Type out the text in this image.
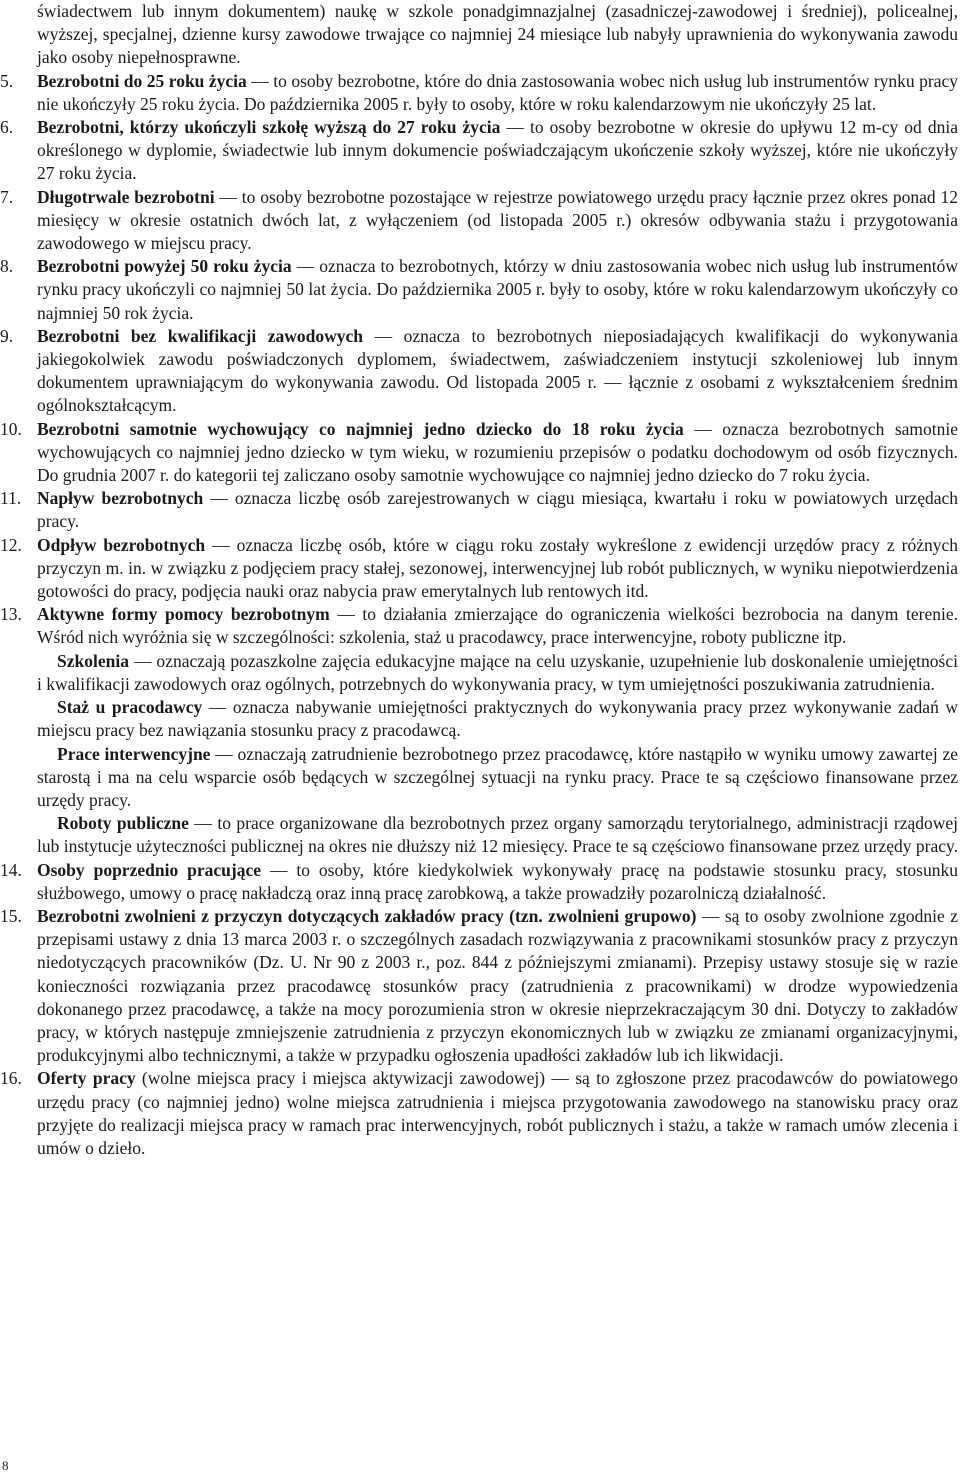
świadectwem lub innym dokumentem) naukę w szkole ponadgimnazjalnej (zasadniczej-zawodowej i średniej), policealnej, wyższej, specjalnej, dzienne kursy zawodowe trwające co najmniej 24 miesiące lub nabyły uprawnienia do wykonywania zawodu jako osoby niepełnosprawne.

5.	Bezrobotni do 25 roku życia — to osoby bezrobotne, które do dnia zastosowania wobec nich usług lub instrumentów rynku pracy nie ukończyły 25 roku życia. Do października 2005 r. były to osoby, które w roku kalendarzowym nie ukończyły 25 lat.

6.	Bezrobotni, którzy ukończyli szkołę wyższą do 27 roku życia — to osoby bezrobotne w okresie do upływu 12 m-cy od dnia określonego w dyplomie, świadectwie lub innym dokumencie poświadczającym ukończenie szkoły wyższej, które nie ukończyły 27 roku życia.

7.	Długotrwale bezrobotni — to osoby bezrobotne pozostające w rejestrze powiatowego urzędu pracy łącznie przez okres ponad 12 miesięcy w okresie ostatnich dwóch lat, z wyłączeniem (od listopada 2005 r.) okresów odbywania stażu i przygotowania zawodowego w miejscu pracy.

8.	Bezrobotni powyżej 50 roku życia — oznacza to bezrobotnych, którzy w dniu zastosowania wobec nich usług lub instrumentów rynku pracy ukończyli co najmniej 50 lat życia. Do października 2005 r. były to osoby, które w roku kalendarzowym ukończyły co najmniej 50 rok życia.

9.	Bezrobotni bez kwalifikacji zawodowych — oznacza to bezrobotnych nieposiadających kwalifikacji do wykonywania jakiegokolwiek zawodu poświadczonych dyplomem, świadectwem, zaświadczeniem instytucji szkoleniowej lub innym dokumentem uprawniającym do wykonywania zawodu. Od listopada 2005 r. — łącznie z osobami z wykształceniem średnim ogólnokształcącym.

10. Bezrobotni samotnie wychowujący co najmniej jedno dziecko do 18 roku życia — oznacza bezrobotnych samotnie wychowujących co najmniej jedno dziecko w tym wieku, w rozumieniu przepisów o podatku dochodowym od osób fizycznych. Do grudnia 2007 r. do kategorii tej zaliczano osoby samotnie wychowujące co najmniej jedno dziecko do 7 roku życia.

11. Napływ bezrobotnych — oznacza liczbę osób zarejestrowanych w ciągu miesiąca, kwartału i roku w powiatowych urzędach pracy.

12. Odpływ bezrobotnych — oznacza liczbę osób, które w ciągu roku zostały wykreślone z ewidencji urzędów pracy z różnych przyczyn m. in. w związku z podjęciem pracy stałej, sezonowej, interwencyjnej lub robót publicznych, w wyniku niepotwierdzenia gotowości do pracy, podjęcia nauki oraz nabycia praw emerytalnych lub rentowych itd.

13. Aktywne formy pomocy bezrobotnym — to działania zmierzające do ograniczenia wielkości bezrobocia na danym terenie. Wśród nich wyróżnia się w szczególności: szkolenia, staż u pracodawcy, prace interwencyjne, roboty publiczne itp.

Szkolenia — oznaczają pozaszkolne zajęcia edukacyjne mające na celu uzyskanie, uzupełnienie lub doskonalenie umiejętności i kwalifikacji zawodowych oraz ogólnych, potrzebnych do wykonywania pracy, w tym umiejętności poszukiwania zatrudnienia.

Staż u pracodawcy — oznacza nabywanie umiejętności praktycznych do wykonywania pracy przez wykonywanie zadań w miejscu pracy bez nawiązania stosunku pracy z pracodawcą.

Prace interwencyjne — oznaczają zatrudnienie bezrobotnego przez pracodawcę, które nastąpiło w wyniku umowy zawartej ze starostą i ma na celu wsparcie osób będących w szczególnej sytuacji na rynku pracy. Prace te są częściowo finansowane przez urzędy pracy.

Roboty publiczne — to prace organizowane dla bezrobotnych przez organy samorządu terytorialnego, administracji rządowej lub instytucje użyteczności publicznej na okres nie dłuższy niż 12 miesięcy. Prace te są częściowo finansowane przez urzędy pracy.

14. Osoby poprzednio pracujące — to osoby, które kiedykolwiek wykonywały pracę na podstawie stosunku pracy, stosunku służbowego, umowy o pracę nakładczą oraz inną pracę zarobkową, a także prowadziły pozarolniczą działalność.

15. Bezrobotni zwolnieni z przyczyn dotyczących zakładów pracy (tzn. zwolnieni grupowo) — są to osoby zwolnione zgodnie z przepisami ustawy z dnia 13 marca 2003 r. o szczególnych zasadach rozwiązywania z pracownikami stosunków pracy z przyczyn niedotyczących pracowników (Dz. U. Nr 90 z 2003 r., poz. 844 z późniejszymi zmianami). Przepisy ustawy stosuje się w razie konieczności rozwiązania przez pracodawcę stosunków pracy (zatrudnienia z pracownikami) w drodze wypowiedzenia dokonanego przez pracodawcę, a także na mocy porozumienia stron w okresie nieprzekraczającym 30 dni. Dotyczy to zakładów pracy, w których następuje zmniejszenie zatrudnienia z przyczyn ekonomicznych lub w związku ze zmianami organizacyjnymi, produkcyjnymi albo technicznymi, a także w przypadku ogłoszenia upadłości zakładów lub ich likwidacji.

16. Oferty pracy (wolne miejsca pracy i miejsca aktywizacji zawodowej) — są to zgłoszone przez pracodawców do powiatowego urzędu pracy (co najmniej jedno) wolne miejsca zatrudnienia i miejsca przygotowania zawodowego na stanowisku pracy oraz przyjęte do realizacji miejsca pracy w ramach prac interwencyjnych, robót publicznych i stażu, a także w ramach umów zlecenia i umów o dzieło.

8
